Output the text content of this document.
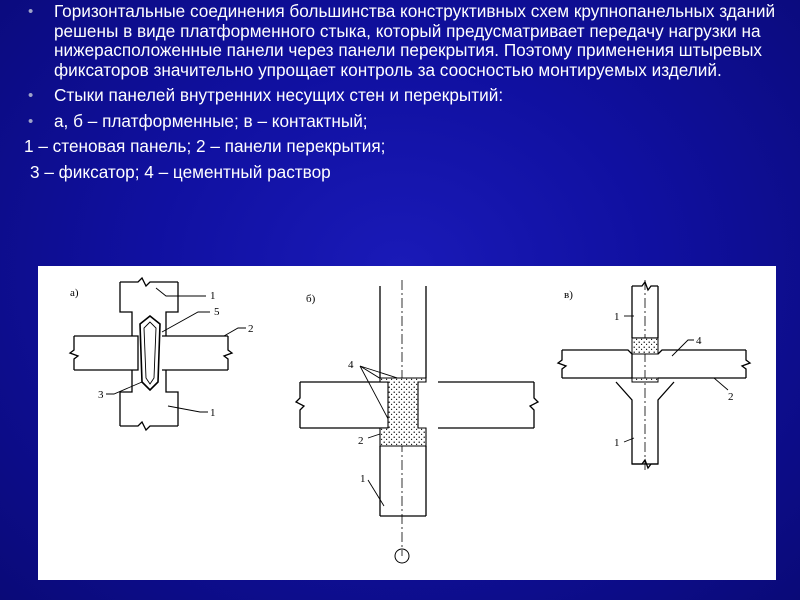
• Горизонтальные соединения большинства конструктивных схем крупнопанельных зданий решены в виде платформенного стыка, который предусматривает передачу нагрузки на нижерасположенные панели через панели перекрытия. Поэтому применения штыревых фиксаторов значительно упрощает контроль за соосностью монтируемых изделий.
• Стыки панелей внутренних несущих стен и перекрытий:
• а, б – платформенные; в – контактный;
1 – стеновая панель; 2 – панели перекрытия;
3 – фиксатор; 4 – цементный раствор
а)	1
5
2
3
1
б)
4
2
1
в)
1
4
2
1
